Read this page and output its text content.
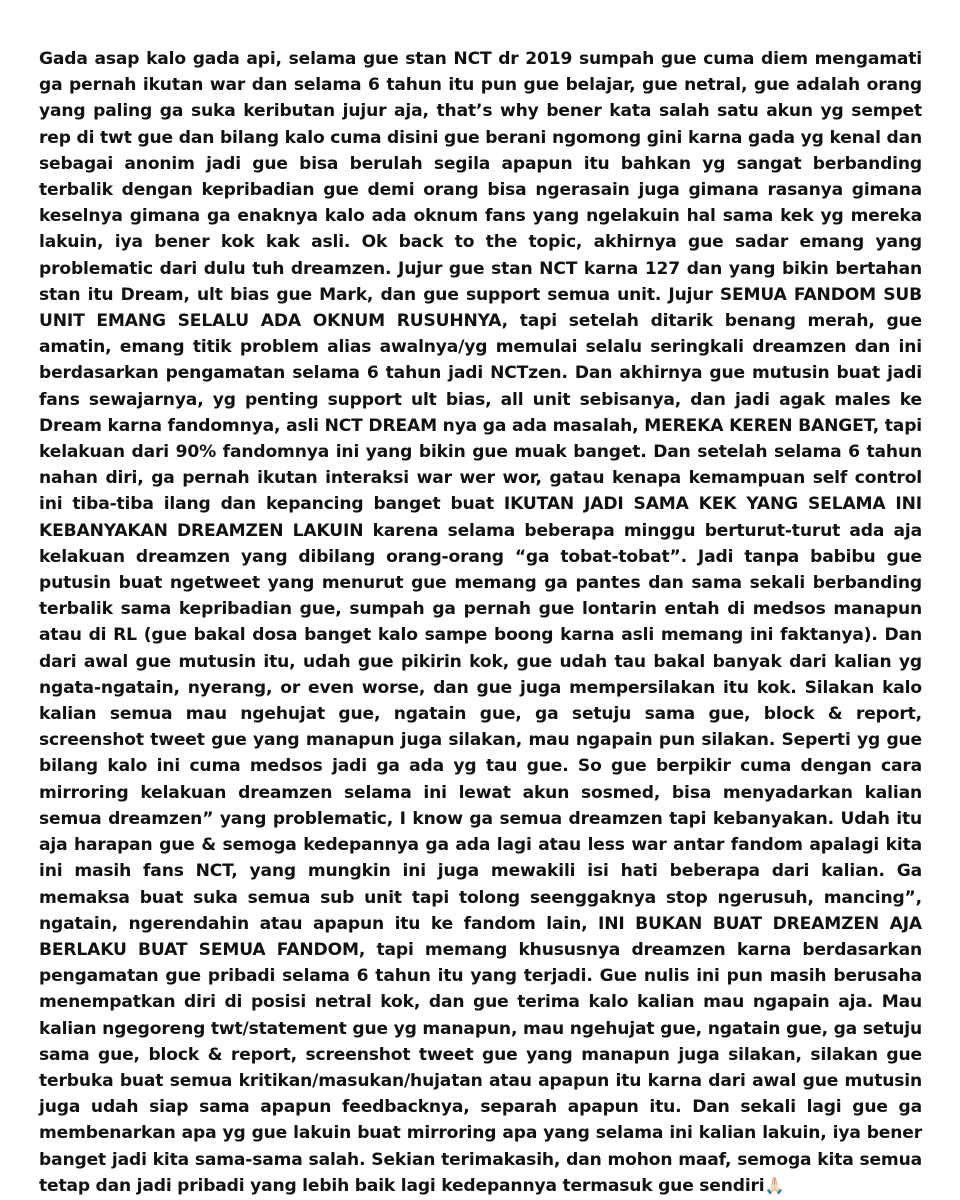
Gada asap kalo gada api, selama gue stan NCT dr 2019 sumpah gue cuma diem mengamati ga pernah ikutan war dan selama 6 tahun itu pun gue belajar, gue netral, gue adalah orang yang paling ga suka keributan jujur aja, that’s why bener kata salah satu akun yg sempet rep di twt gue dan bilang kalo cuma disini gue berani ngomong gini karna gada yg kenal dan sebagai anonim jadi gue bisa berulah segila apapun itu bahkan yg sangat berbanding terbalik dengan kepribadian gue demi orang bisa ngerasain juga gimana rasanya gimana keselnya gimana ga enaknya kalo ada oknum fans yang ngelakuin hal sama kek yg mereka lakuin, iya bener kok kak asli. Ok back to the topic, akhirnya gue sadar emang yang problematic dari dulu tuh dreamzen. Jujur gue stan NCT karna 127 dan yang bikin bertahan stan itu Dream, ult bias gue Mark, dan gue support semua unit. Jujur SEMUA FANDOM SUB UNIT EMANG SELALU ADA OKNUM RUSUHNYA, tapi setelah ditarik benang merah, gue amatin, emang titik problem alias awalnya/yg memulai selalu seringkali dreamzen dan ini berdasarkan pengamatan selama 6 tahun jadi NCTzen. Dan akhirnya gue mutusin buat jadi fans sewajarnya, yg penting support ult bias, all unit sebisanya, dan jadi agak males ke Dream karna fandomnya, asli NCT DREAM nya ga ada masalah, MEREKA KEREN BANGET, tapi kelakuan dari 90% fandomnya ini yang bikin gue muak banget. Dan setelah selama 6 tahun nahan diri, ga pernah ikutan interaksi war wer wor, gatau kenapa kemampuan self control ini tiba-tiba ilang dan kepancing banget buat IKUTAN JADI SAMA KEK YANG SELAMA INI KEBANYAKAN DREAMZEN LAKUIN karena selama beberapa minggu berturut-turut ada aja kelakuan dreamzen yang dibilang orang-orang “ga tobat-tobat”. Jadi tanpa babibu gue putusin buat ngetweet yang menurut gue memang ga pantes dan sama sekali berbanding terbalik sama kepribadian gue, sumpah ga pernah gue lontarin entah di medsos manapun atau di RL (gue bakal dosa banget kalo sampe boong karna asli memang ini faktanya). Dan dari awal gue mutusin itu, udah gue pikirin kok, gue udah tau bakal banyak dari kalian yg ngata-ngatain, nyerang, or even worse, dan gue juga mempersilakan itu kok. Silakan kalo kalian semua mau ngehujat gue, ngatain gue, ga setuju sama gue, block & report, screenshot tweet gue yang manapun juga silakan, mau ngapain pun silakan. Seperti yg gue bilang kalo ini cuma medsos jadi ga ada yg tau gue. So gue berpikir cuma dengan cara mirroring kelakuan dreamzen selama ini lewat akun sosmed, bisa menyadarkan kalian semua dreamzen” yang problematic, I know ga semua dreamzen tapi kebanyakan. Udah itu aja harapan gue & semoga kedepannya ga ada lagi atau less war antar fandom apalagi kita ini masih fans NCT, yang mungkin ini juga mewakili isi hati beberapa dari kalian. Ga memaksa buat suka semua sub unit tapi tolong seenggaknya stop ngerusuh, mancing”, ngatain, ngerendahin atau apapun itu ke fandom lain, INI BUKAN BUAT DREAMZEN AJA BERLAKU BUAT SEMUA FANDOM, tapi memang khususnya dreamzen karna berdasarkan pengamatan gue pribadi selama 6 tahun itu yang terjadi. Gue nulis ini pun masih berusaha menempatkan diri di posisi netral kok, dan gue terima kalo kalian mau ngapain aja. Mau kalian ngegoreng twt/statement gue yg manapun, mau ngehujat gue, ngatain gue, ga setuju sama gue, block & report, screenshot tweet gue yang manapun juga silakan, silakan gue terbuka buat semua kritikan/masukan/hujatan atau apapun itu karna dari awal gue mutusin juga udah siap sama apapun feedbacknya, separah apapun itu. Dan sekali lagi gue ga membenarkan apa yg gue lakuin buat mirroring apa yang selama ini kalian lakuin, iya bener banget jadi kita sama-sama salah. Sekian terimakasih, dan mohon maaf, semoga kita semua tetap dan jadi pribadi yang lebih baik lagi kedepannya termasuk gue sendiri🙏🏻
